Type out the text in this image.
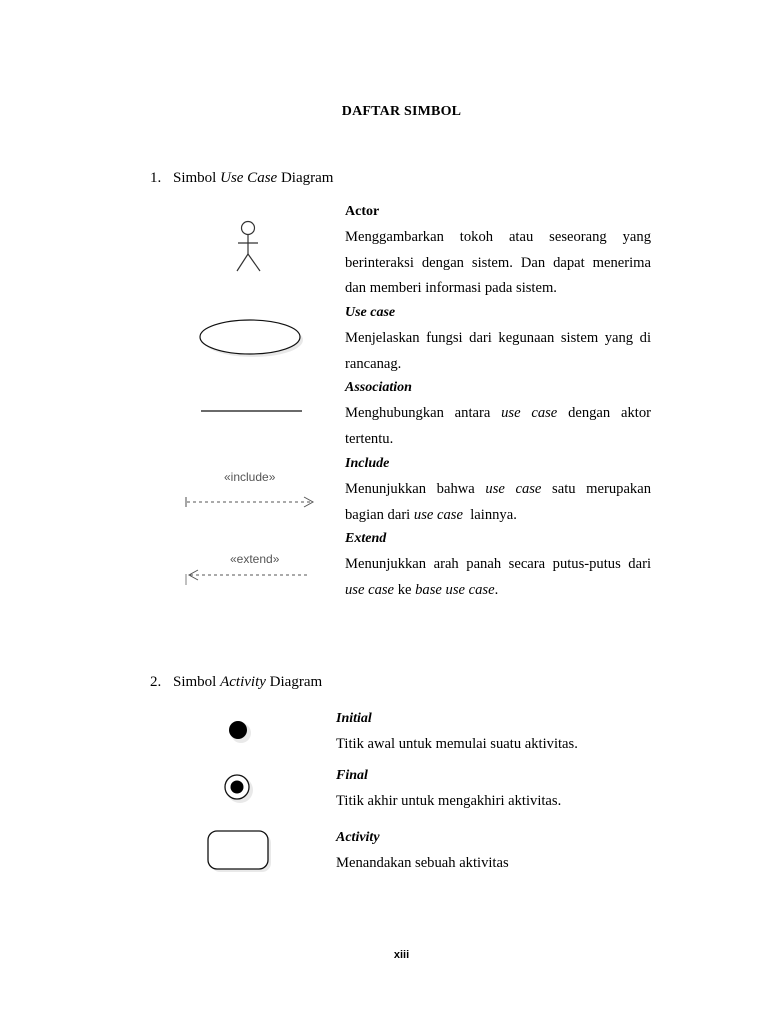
DAFTAR SIMBOL
1. Simbol Use Case Diagram
Actor
Menggambarkan tokoh atau seseorang yang
berinteraksi dengan sistem. Dan dapat menerima
dan memberi informasi pada sistem.
Use case
Menjelaskan fungsi dari kegunaan sistem yang di
rancanag.
Association
Menghubungkan antara use case dengan aktor
tertentu.
«include»
Include
Menunjukkan bahwa use case satu merupakan
bagian dari use case  lainnya.
«extend»
Extend
Menunjukkan arah panah secara putus-putus dari
use case ke base use case.
2. Simbol Activity Diagram
Initial
Titik awal untuk memulai suatu aktivitas.
Final
Titik akhir untuk mengakhiri aktivitas.
Activity
Menandakan sebuah aktivitas
xiii
